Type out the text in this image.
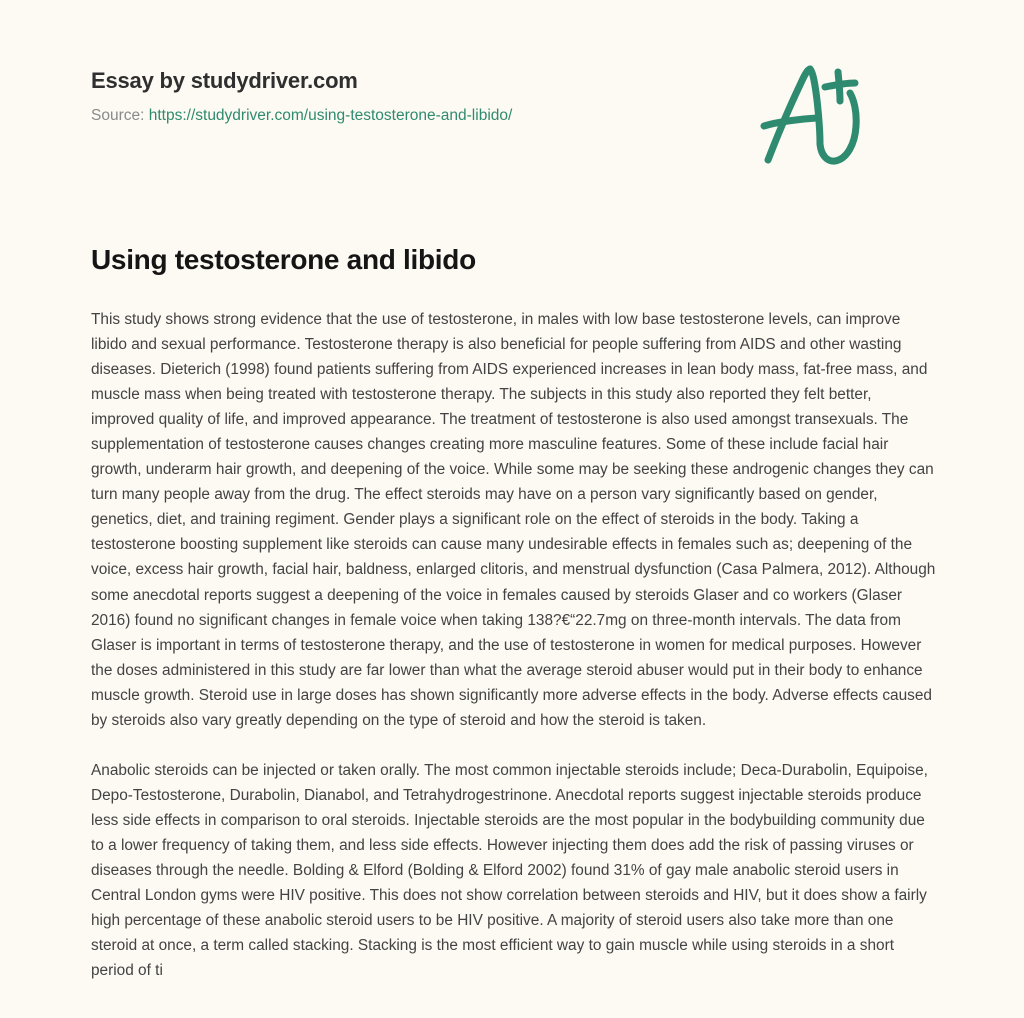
Essay by studydriver.com
Source: https://studydriver.com/using-testosterone-and-libido/
Using testosterone and libido

This study shows strong evidence that the use of testosterone, in males with low base testosterone levels, can improve libido and sexual performance. Testosterone therapy is also beneficial for people suffering from AIDS and other wasting diseases. Dieterich (1998) found patients suffering from AIDS experienced increases in lean body mass, fat-free mass, and muscle mass when being treated with testosterone therapy. The subjects in this study also reported they felt better, improved quality of life, and improved appearance. The treatment of testosterone is also used amongst transexuals. The supplementation of testosterone causes changes creating more masculine features. Some of these include facial hair growth, underarm hair growth, and deepening of the voice. While some may be seeking these androgenic changes they can turn many people away from the drug. The effect steroids may have on a person vary significantly based on gender, genetics, diet, and training regiment. Gender plays a significant role on the effect of steroids in the body. Taking a testosterone boosting supplement like steroids can cause many undesirable effects in females such as; deepening of the voice, excess hair growth, facial hair, baldness, enlarged clitoris, and menstrual dysfunction (Casa Palmera, 2012). Although some anecdotal reports suggest a deepening of the voice in females caused by steroids Glaser and co workers (Glaser 2016) found no significant changes in female voice when taking 138?€“22.7mg on three-month intervals. The data from Glaser is important in terms of testosterone therapy, and the use of testosterone in women for medical purposes. However the doses administered in this study are far lower than what the average steroid abuser would put in their body to enhance muscle growth. Steroid use in large doses has shown significantly more adverse effects in the body. Adverse effects caused by steroids also vary greatly depending on the type of steroid and how the steroid is taken.

Anabolic steroids can be injected or taken orally. The most common injectable steroids include; Deca-Durabolin, Equipoise, Depo-Testosterone, Durabolin, Dianabol, and Tetrahydrogestrinone. Anecdotal reports suggest injectable steroids produce less side effects in comparison to oral steroids. Injectable steroids are the most popular in the bodybuilding community due to a lower frequency of taking them, and less side effects. However injecting them does add the risk of passing viruses or diseases through the needle. Bolding & Elford (Bolding & Elford 2002) found 31% of gay male anabolic steroid users in Central London gyms were HIV positive. This does not show correlation between steroids and HIV, but it does show a fairly high percentage of these anabolic steroid users to be HIV positive. A majority of steroid users also take more than one steroid at once, a term called stacking. Stacking is the most efficient way to gain muscle while using steroids in a short period of ti
